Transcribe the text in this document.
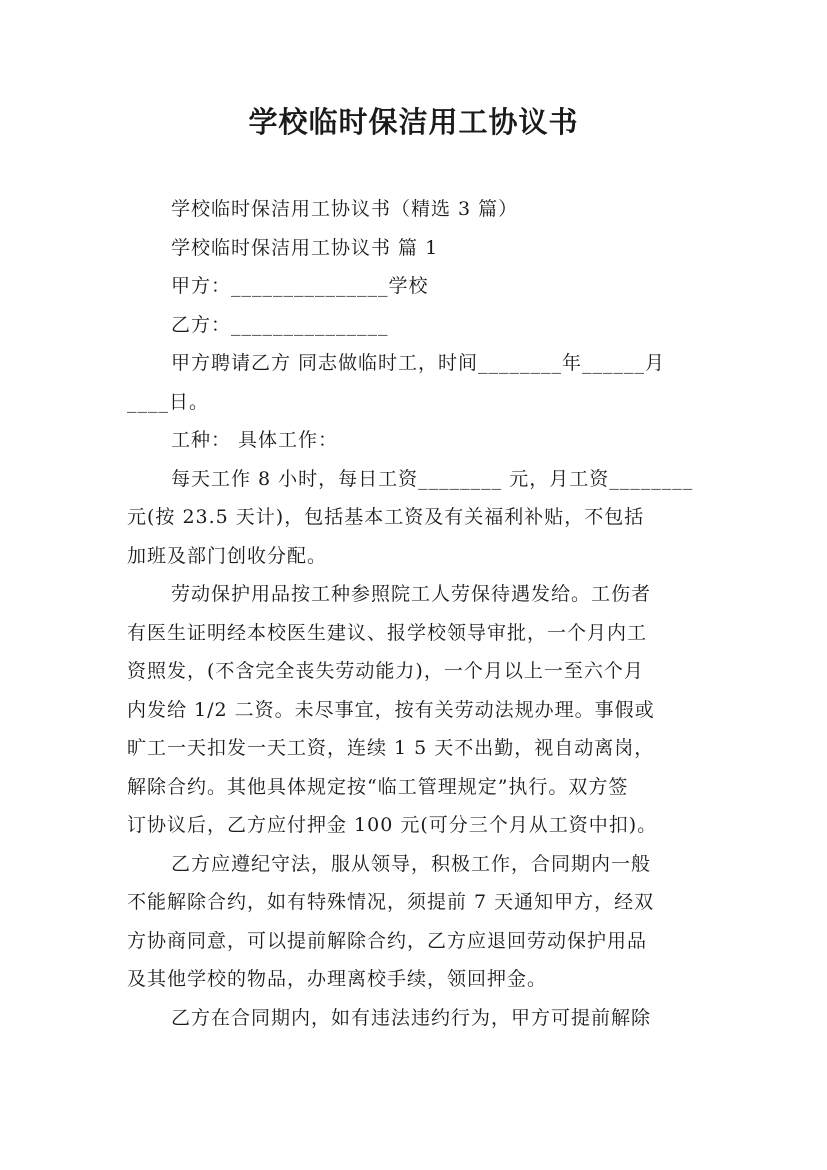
学校临时保洁用工协议书
学校临时保洁用工协议书（精选 3 篇）
学校临时保洁用工协议书 篇 1
甲方：_______________学校
乙方：_______________
甲方聘请乙方 同志做临时工，时间________年______月
____日。
工种： 具体工作：
每天工作 8 小时，每日工资________ 元，月工资________
元(按 23.5 天计)，包括基本工资及有关福利补贴，不包括
加班及部门创收分配。
劳动保护用品按工种参照院工人劳保待遇发给。工伤者
有医生证明经本校医生建议、报学校领导审批，一个月内工
资照发，(不含完全丧失劳动能力)，一个月以上一至六个月
内发给 1/2 二资。未尽事宜，按有关劳动法规办理。事假或
旷工一天扣发一天工资，连续 1 5 天不出勤，视自动离岗，
解除合约。其他具体规定按“临工管理规定”执行。双方签
订协议后，乙方应付押金 100 元(可分三个月从工资中扣)。
乙方应遵纪守法，服从领导，积极工作，合同期内一般
不能解除合约，如有特殊情况，须提前 7 天通知甲方，经双
方协商同意，可以提前解除合约，乙方应退回劳动保护用品
及其他学校的物品，办理离校手续，领回押金。
乙方在合同期内，如有违法违约行为，甲方可提前解除
